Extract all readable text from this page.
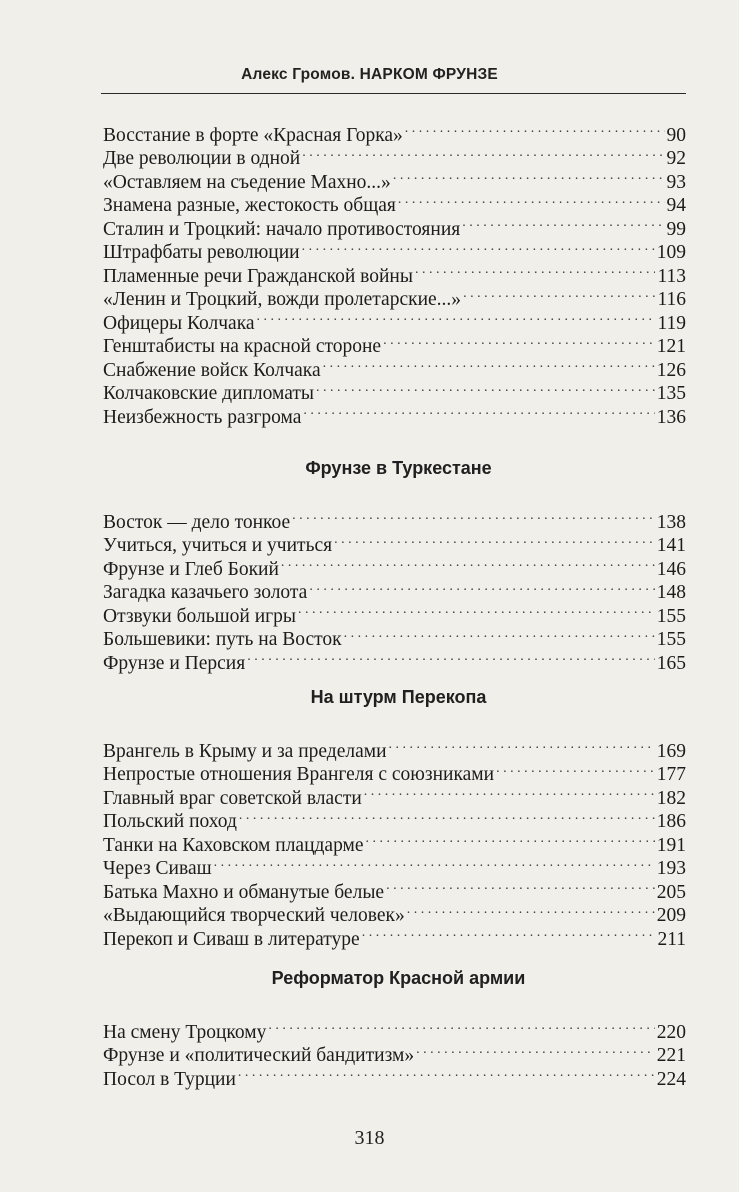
Алекс Громов. НАРКОМ ФРУНЗЕ
Восстание в форте «Красная Горка» . . .	90
Две революции в одной . . .	92
«Оставляем на съедение Махно...» . . .	93
Знамена разные, жестокость общая . . .	94
Сталин и Троцкий: начало противостояния . . .	99
Штрафбаты революции . . .	109
Пламенные речи Гражданской войны . . .	113
«Ленин и Троцкий, вожди пролетарские...» . . .	116
Офицеры Колчака . . .	119
Генштабисты на красной стороне . . .	121
Снабжение войск Колчака . . .	126
Колчаковские дипломаты . . .	135
Неизбежность разгрома . . .	136
Фрунзе в Туркестане
Восток — дело тонкое . . .	138
Учиться, учиться и учиться . . .	141
Фрунзе и Глеб Бокий . . .	146
Загадка казачьего золота . . .	148
Отзвуки большой игры . . .	155
Большевики: путь на Восток . . .	155
Фрунзе и Персия . . .	165
На штурм Перекопа
Врангель в Крыму и за пределами . . .	169
Непростые отношения Врангеля с союзниками . . .	177
Главный враг советской власти . . .	182
Польский поход . . .	186
Танки на Каховском плацдарме . . .	191
Через Сиваш . . .	193
Батька Махно и обманутые белые . . .	205
«Выдающийся творческий человек» . . .	209
Перекоп и Сиваш в литературе . . .	211
Реформатор Красной армии
На смену Троцкому . . .	220
Фрунзе и «политический бандитизм» . . .	221
Посол в Турции . . .	224
318
